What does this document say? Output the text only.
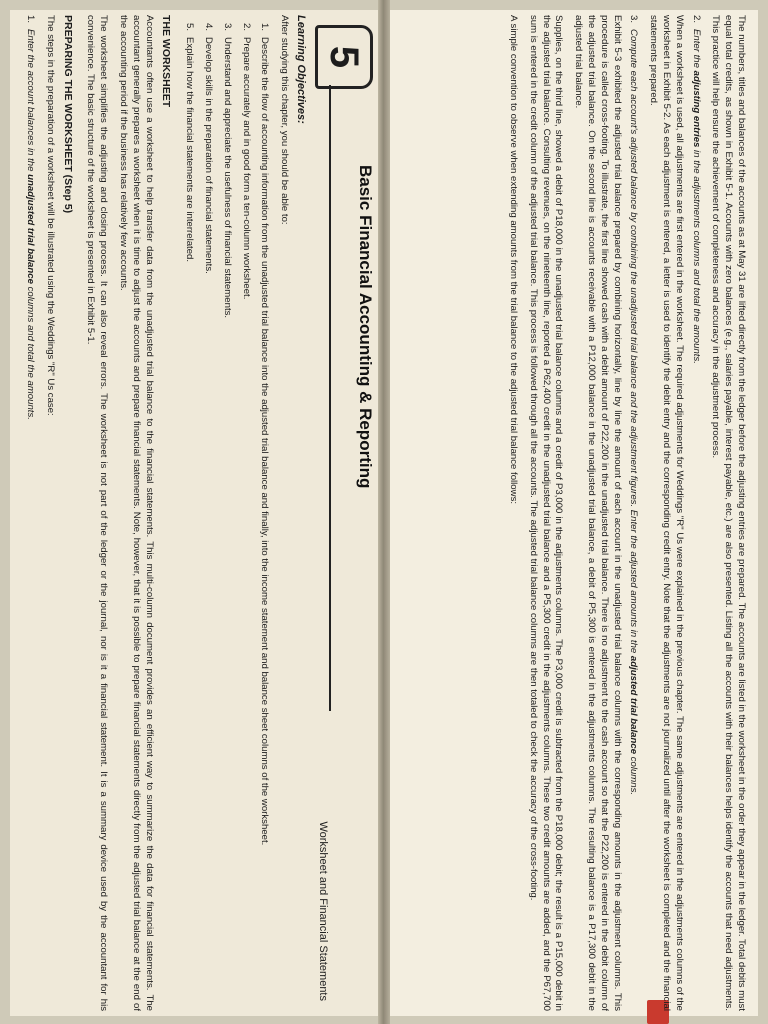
5
Basic Financial Accounting & Reporting
Worksheet and Financial Statements
Learning Objectives:

After studying this chapter, you should be able to:

1.
Describe the flow of accounting information from the unadjusted trial balance into the adjusted trial balance and finally, into the income statement and balance sheet columns of the worksheet.
2.
Prepare accurately and in good form a ten-column worksheet.
3.
Understand and appreciate the usefulness of financial statements.
4.
Develop skills in the preparation of financial statements.
5.
Explain how the financial statements are interrelated.
THE WORKSHEET

Accountants often use a worksheet to help transfer data from the unadjusted trial balance to the financial statements. This multi-column document provides an efficient way to summarize the data for financial statements. The accountant generally prepares a worksheet when it is time to adjust the accounts and prepare financial statements. Note, however, that it is possible to prepare financial statements directly from the adjusted trial balance at the end of the accounting period if the business has relatively few accounts.

The worksheet simplifies the adjusting and closing process. It can also reveal errors. The worksheet is not part of the ledger or the journal, nor is it a financial statement. It is a summary device used by the accountant for his convenience. The basic structure of the worksheet is presented in Exhibit 5-1.

PREPARING THE WORKSHEET (Step 5)

The steps in the preparation of a worksheet will be illustrated using the Weddings "R" Us case:

1.
Enter the account balances in the unadjusted trial balance columns and total the amounts.	The numbers, titles and balances of the accounts as at May 31 are lifted directly from the ledger before the adjusting entries are prepared. The accounts are listed in the worksheet in the order they appear in the ledger. Total debits must equal total credits, as shown in Exhibit 5-1. Accounts with zero balances (e.g., salaries payable, interest payable, etc.) are also presented. Listing all the accounts with their balances helps identify the accounts that need adjustments. This practice will help ensure the achievement of completeness and accuracy in the adjustment process.

2.
Enter the adjusting entries in the adjustments columns and total the amounts.

When a worksheet is used, all adjustments are first entered in the worksheet. The required adjustments for Weddings "R" Us were explained in the previous chapter. The same adjustments are entered in the adjustments columns of the worksheet in Exhibit 5-2. As each adjustment is entered, a letter is used to identify the debit entry and the corresponding credit entry. Note that the adjustments are not journalized until after the worksheet is completed and the financial statements prepared.

3.
Compute each account's adjusted balance by combining the unadjusted trial balance and the adjustment figures. Enter the adjusted amounts in the adjusted trial balance columns.

Exhibit 5-3 exhibited the adjusted trial balance prepared by combining horizontally, line by line the amount of each account in the unadjusted trial balance columns with the corresponding amounts in the adjustment columns. This procedure is called cross-footing. To illustrate, the first line showed cash with a debit amount of P22,200 in the unadjusted trial balance. There is no adjustment to the cash account so that the P22,200 is entered in the debit column of the adjusted trial balance. On the second line is accounts receivable with a P12,000 balance in the unadjusted trial balance, a debit of P5,300 is entered in the adjustments columns. The resulting balance is a P17,300 debit in the adjusted trial balance.

Supplies, on the third line, showed a debit of P18,000 in the unadjusted trial balance columns and a credit of P3,000 in the adjustments columns. The P3,000 credit is subtracted from the P18,000 debit; the result is a P15,000 debit in the adjusted trial balance. Consulting revenues, on the nineteenth line, reported a P62,400 credit in the unadjusted trial balance and a P5,300 credit in the adjustments columns. These two credit amounts are added, and the P67,700 sum is entered in the credit column of the adjusted trial balance. This process is followed through all the accounts. The adjusted trial balance columns are then totaled to check the accuracy of the cross-footing.

A simple convention to observe when extending amounts from the trial balance to the adjusted trial balance follows:
